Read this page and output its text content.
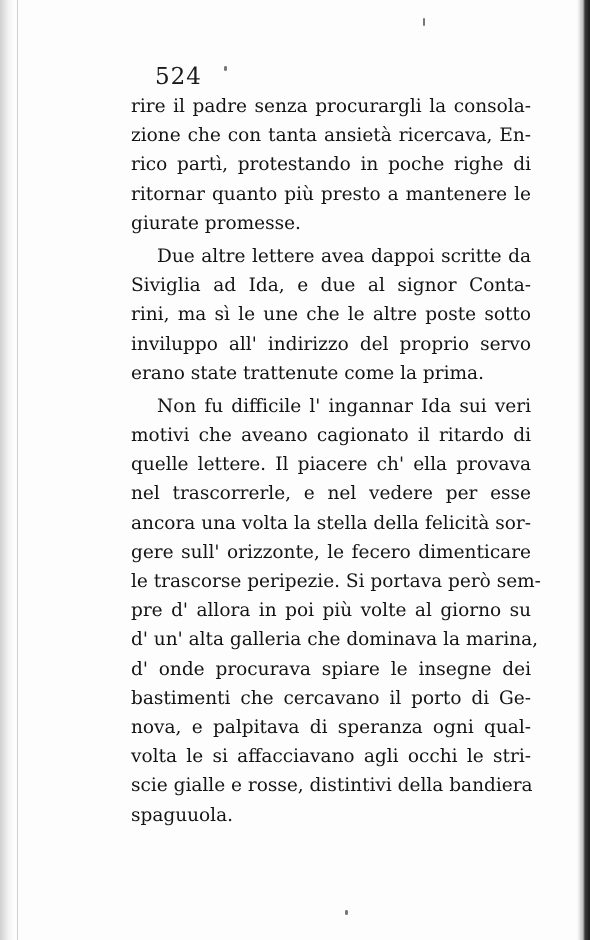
524
rire il padre senza procurargli la consola-
zione che con tanta ansietà ricercava, En-
rico partì, protestando in poche righe di
ritornar quanto più presto a mantenere le
giurate promesse.
Due altre lettere avea dappoi scritte da
Siviglia ad Ida, e due al signor Conta-
rini, ma sì le une che le altre poste sotto
inviluppo all' indirizzo del proprio servo
erano state trattenute come la prima.
Non fu difficile l' ingannar Ida sui veri
motivi che aveano cagionato il ritardo di
quelle lettere. Il piacere ch' ella provava
nel trascorrerle, e nel vedere per esse
ancora una volta la stella della felicità sor-
gere sull' orizzonte, le fecero dimenticare
le trascorse peripezie. Si portava però sem-
pre d' allora in poi più volte al giorno su
d' un' alta galleria che dominava la marina,
d' onde procurava spiare le insegne dei
bastimenti che cercavano il porto di Ge-
nova, e palpitava di speranza ogni qual-
volta le si affacciavano agli occhi le stri-
scie gialle e rosse, distintivi della bandiera
spaguuola.
